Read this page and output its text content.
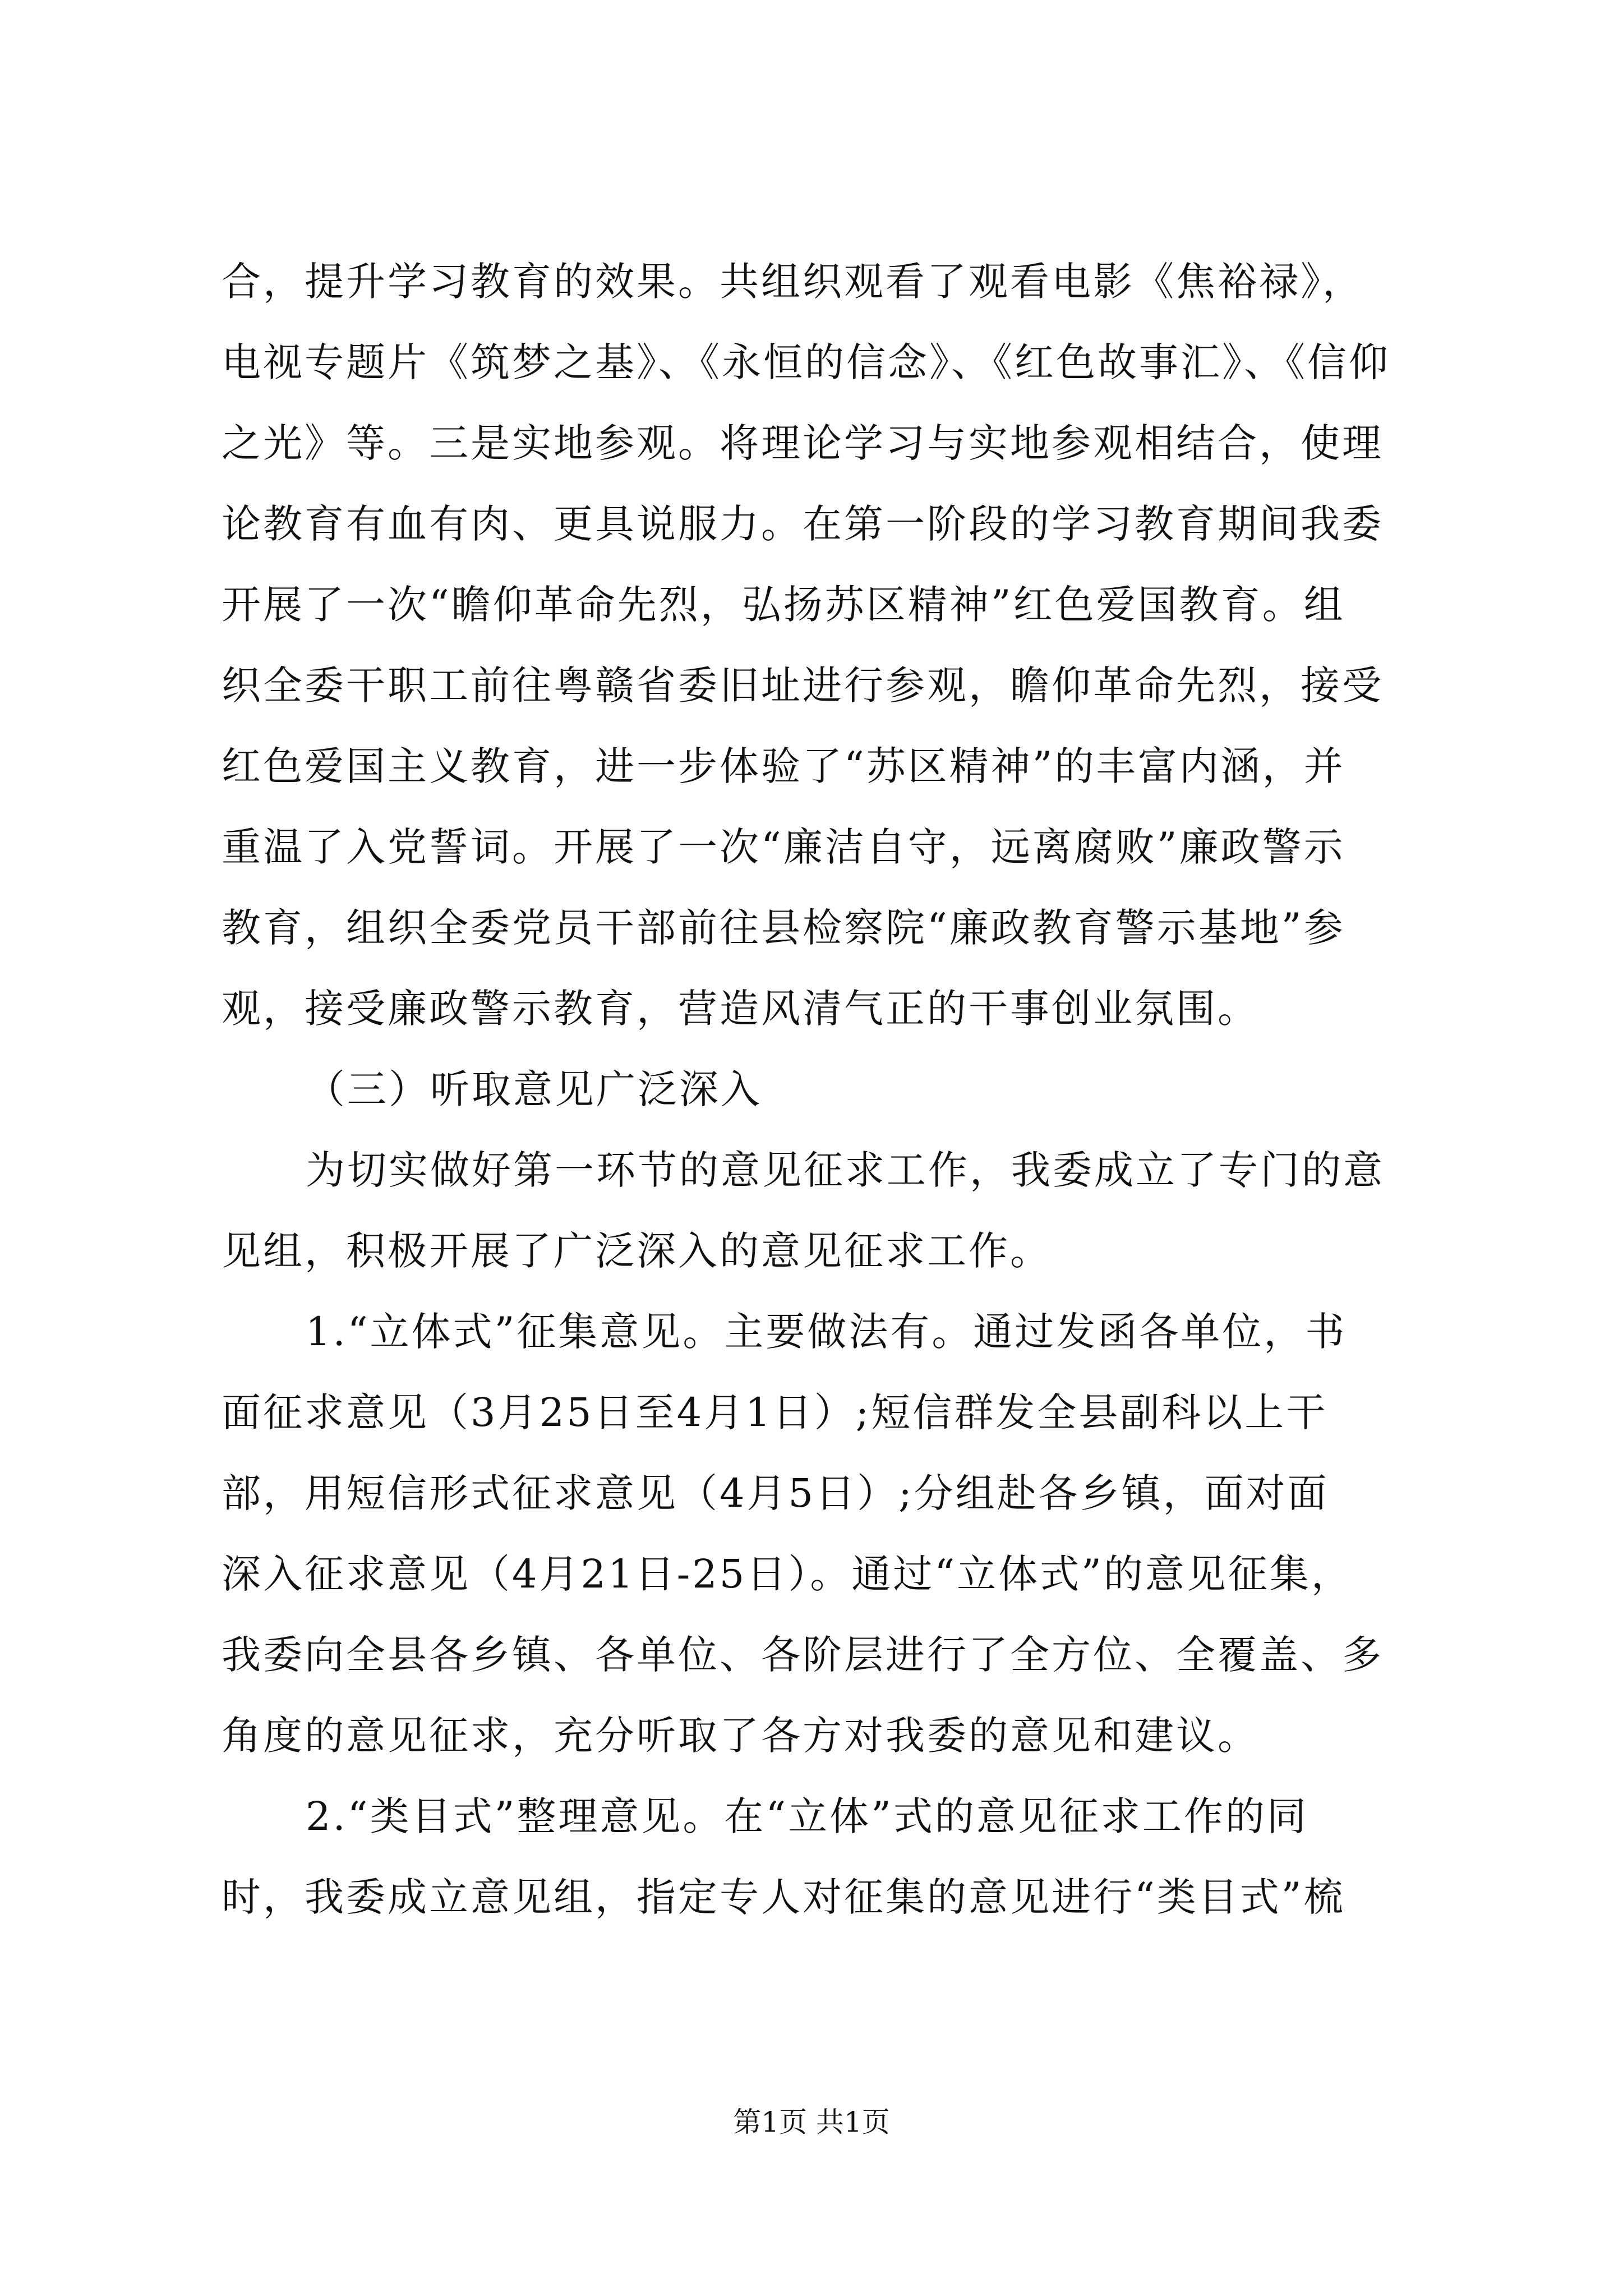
合，提升学习教育的效果。共组织观看了观看电影《焦裕禄》，
电视专题片《筑梦之基》、《永恒的信念》、《红色故事汇》、《信仰
之光》等。三是实地参观。将理论学习与实地参观相结合，使理
论教育有血有肉、更具说服力。在第一阶段的学习教育期间我委
开展了一次“瞻仰革命先烈，弘扬苏区精神”红色爱国教育。组
织全委干职工前往粤赣省委旧址进行参观，瞻仰革命先烈，接受
红色爱国主义教育，进一步体验了“苏区精神”的丰富内涵，并
重温了入党誓词。开展了一次“廉洁自守，远离腐败”廉政警示
教育，组织全委党员干部前往县检察院“廉政教育警示基地”参
观，接受廉政警示教育，营造风清气正的干事创业氛围。
（三）听取意见广泛深入
为切实做好第一环节的意见征求工作，我委成立了专门的意
见组，积极开展了广泛深入的意见征求工作。
1.“立体式”征集意见。主要做法有。通过发函各单位，书
面征求意见（3月25日至4月1日）;短信群发全县副科以上干
部，用短信形式征求意见（4月5日）;分组赴各乡镇，面对面
深入征求意见（4月21日-25日）。通过“立体式”的意见征集，
我委向全县各乡镇、各单位、各阶层进行了全方位、全覆盖、多
角度的意见征求，充分听取了各方对我委的意见和建议。
2.“类目式”整理意见。在“立体”式的意见征求工作的同
时，我委成立意见组，指定专人对征集的意见进行“类目式”梳
第1页 共1页
